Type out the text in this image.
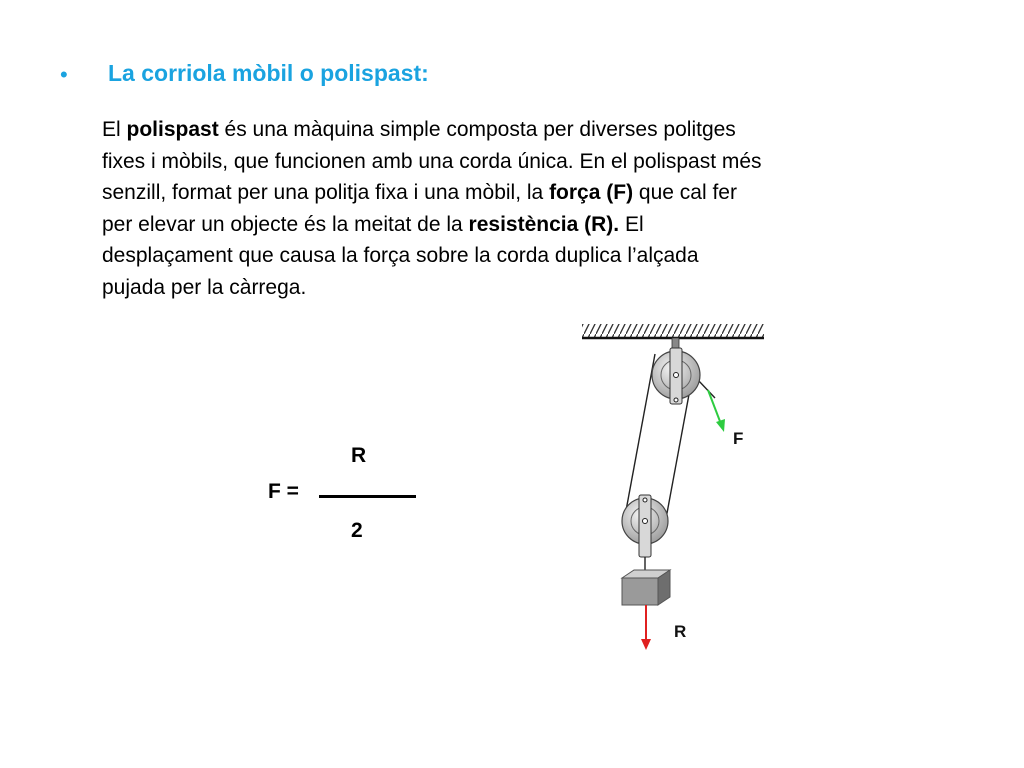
• La corriola mòbil o polispast:
El polispast és una màquina simple composta per diverses politges
fixes i mòbils, que funcionen amb una corda única. En el polispast més
senzill, format per una politja fixa i una mòbil, la força (F) que cal fer
per elevar un objecte és la meitat de la resistència (R). El
desplaçament que causa la força sobre la corda duplica l’alçada
pujada per la càrrega.
R
F =
2
F
R
